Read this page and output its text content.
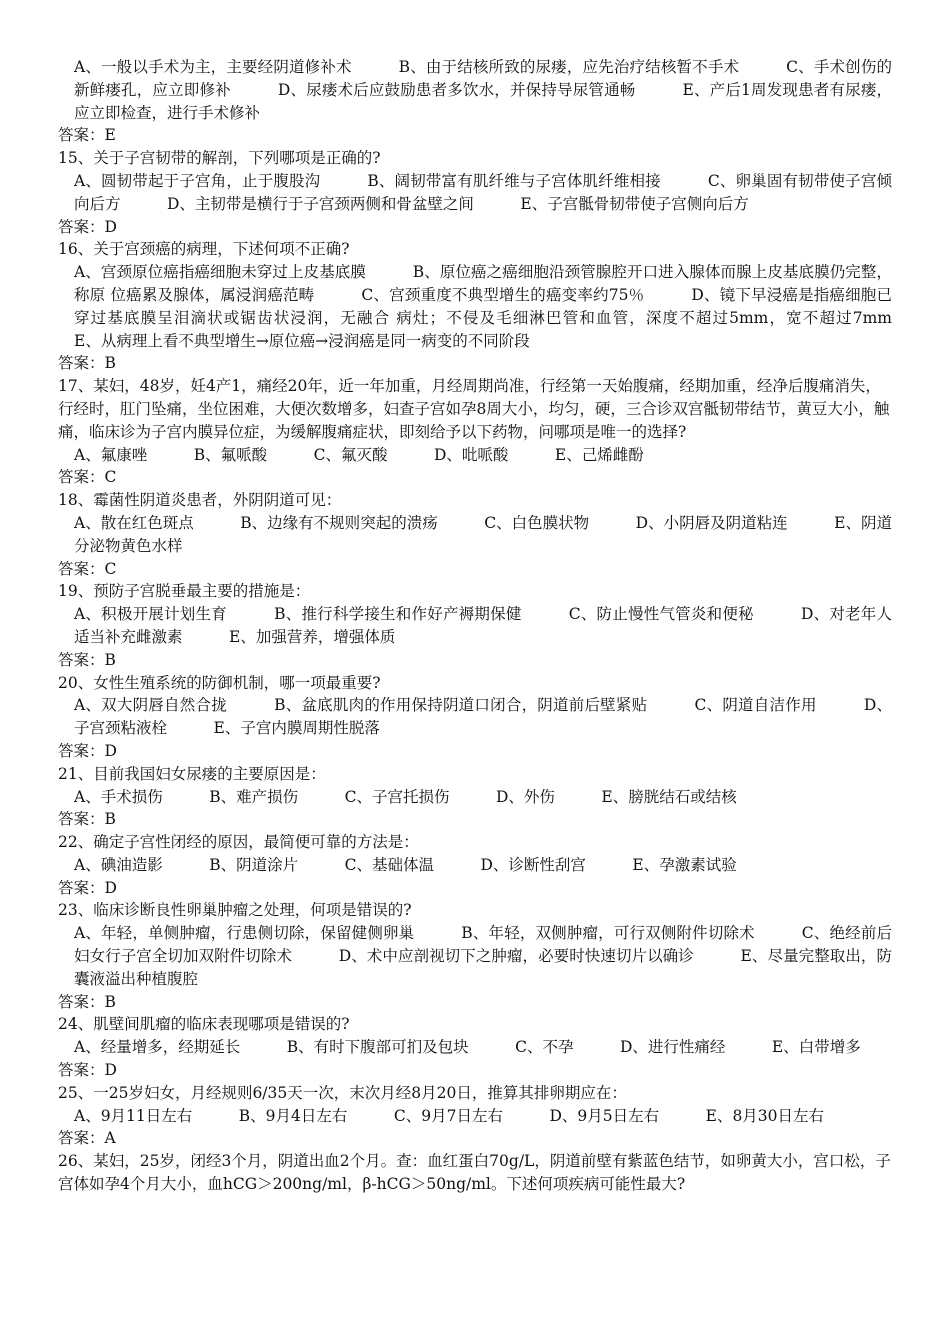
A、一般以手术为主，主要经阴道修补术　　　B、由于结核所致的尿瘘，应先治疗结核暂不手术　　　C、手术创伤的新鲜瘘孔，应立即修补　　　D、尿瘘术后应鼓励患者多饮水，并保持导尿管通畅　　　E、产后1周发现患者有尿瘘，应立即检查，进行手术修补

答案：E

15、关于子宫韧带的解剖，下列哪项是正确的?

A、圆韧带起于子宫角，止于腹股沟　　　B、阔韧带富有肌纤维与子宫体肌纤维相接　　　C、卵巢固有韧带使子宫倾向后方　　　D、主韧带是横行于子宫颈两侧和骨盆壁之间　　　E、子宫骶骨韧带使子宫侧向后方

答案：D

16、关于宫颈癌的病理，下述何项不正确?

A、宫颈原位癌指癌细胞未穿过上皮基底膜　　　B、原位癌之癌细胞沿颈管腺腔开口进入腺体而腺上皮基底膜仍完整，称原 位癌累及腺体，属浸润癌范畴　　　C、宫颈重度不典型增生的癌变率约75％　　　D、镜下早浸癌是指癌细胞已穿过基底膜呈泪滴状或锯齿状浸润，无融合 病灶；不侵及毛细淋巴管和血管，深度不超过5mm，宽不超过7mm　　　E、从病理上看不典型增生→原位癌→浸润癌是同一病变的不同阶段

答案：B

17、某妇，48岁，妊4产1，痛经20年，近一年加重，月经周期尚准，行经第一天始腹痛，经期加重，经净后腹痛消失，行经时，肛门坠痛，坐位困难，大便次数增多，妇查子宫如孕8周大小，均匀，硬，三合诊双宫骶韧带结节，黄豆大小，触痛，临床诊为子宫内膜异位症，为缓解腹痛症状，即刻给予以下药物，问哪项是唯一的选择?

A、氟康唑　　　B、氟哌酸　　　C、氟灭酸　　　D、吡哌酸　　　E、己烯雌酚

答案：C

18、霉菌性阴道炎患者，外阴阴道可见：

A、散在红色斑点　　　B、边缘有不规则突起的溃疡　　　C、白色膜状物　　　D、小阴唇及阴道粘连　　　E、阴道分泌物黄色水样

答案：C

19、预防子宫脱垂最主要的措施是：

A、积极开展计划生育　　　B、推行科学接生和作好产褥期保健　　　C、防止慢性气管炎和便秘　　　D、对老年人适当补充雌激素　　　E、加强营养，增强体质

答案：B

20、女性生殖系统的防御机制，哪一项最重要?

A、双大阴唇自然合拢　　　B、盆底肌肉的作用保持阴道口闭合，阴道前后壁紧贴　　　C、阴道自洁作用　　　D、子宫颈粘液栓　　　E、子宫内膜周期性脱落

答案：D

21、目前我国妇女尿瘘的主要原因是：

A、手术损伤　　　B、难产损伤　　　C、子宫托损伤　　　D、外伤　　　E、膀胱结石或结核

答案：B

22、确定子宫性闭经的原因，最简便可靠的方法是：

A、碘油造影　　　B、阴道涂片　　　C、基础体温　　　D、诊断性刮宫　　　E、孕激素试验

答案：D

23、临床诊断良性卵巢肿瘤之处理，何项是错误的?

A、年轻，单侧肿瘤，行患侧切除，保留健侧卵巢　　　B、年轻，双侧肿瘤，可行双侧附件切除术　　　C、绝经前后妇女行子宫全切加双附件切除术　　　D、术中应剖视切下之肿瘤，必要时快速切片以确诊　　　E、尽量完整取出，防囊液溢出种植腹腔

答案：B

24、肌壁间肌瘤的临床表现哪项是错误的?

A、经量增多，经期延长　　　B、有时下腹部可扪及包块　　　C、不孕　　　D、进行性痛经　　　E、白带增多

答案：D

25、一25岁妇女，月经规则6/35天一次，末次月经8月20日，推算其排卵期应在：

A、9月11日左右　　　B、9月4日左右　　　C、9月7日左右　　　D、9月5日左右　　　E、8月30日左右

答案：A

26、某妇，25岁，闭经3个月，阴道出血2个月。查：血红蛋白70g/L，阴道前壁有紫蓝色结节，如卵黄大小，宫口松，子宫体如孕4个月大小，血hCG＞200ng/ml，β-hCG＞50ng/ml。下述何项疾病可能性最大?
